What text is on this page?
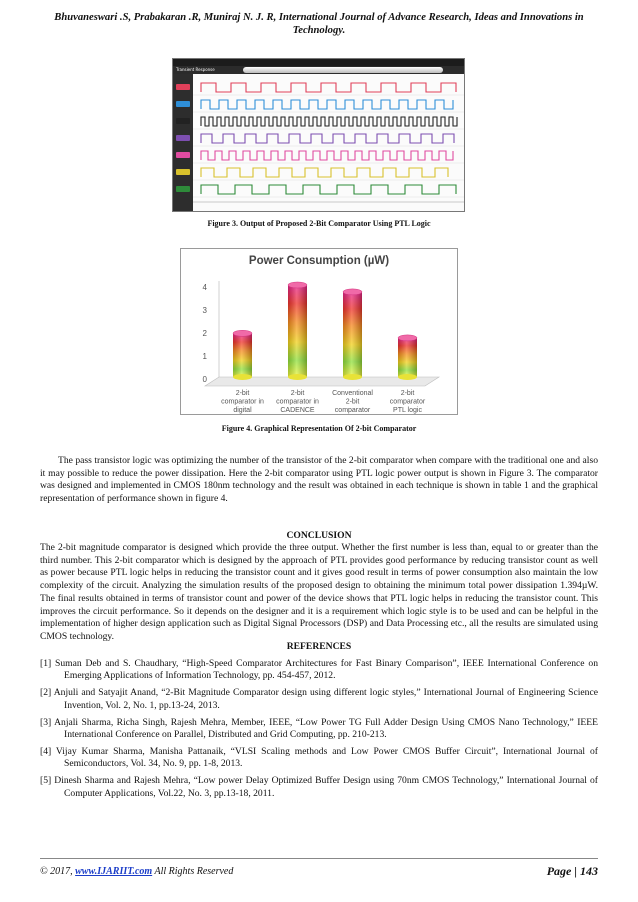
Bhuvaneswari .S, Prabakaran .R, Muniraj N. J. R, International Journal of Advance Research, Ideas and Innovations in Technology.
Transient Response
Figure 3. Output of Proposed 2-Bit Comparator Using PTL Logic
Power Consumption (µW)
0
1
2
3
4
2-bit
comparator in
digital
2-bit
comparator in
CADENCE
Conventional
2-bit
comparator
2-bit
comparator
PTL logic
Figure 4. Graphical Representation Of 2-bit Comparator

The pass transistor logic was optimizing the number of the transistor of the 2-bit comparator when compare with the traditional one and also it may possible to reduce the power dissipation. Here the 2-bit comparator using PTL logic power output is shown in Figure 3. The comparator was designed and implemented in CMOS 180nm technology and the result was obtained in each technique is shown in table 1 and the graphical representation of performance shown in figure 4.

CONCLUSION

The 2-bit magnitude comparator is designed which provide the three output. Whether the first number is less than, equal to or greater than the third number. This 2-bit comparator which is designed by the approach of PTL provides good performance by reducing transistor count as well as power because PTL logic helps in reducing the transistor count and it gives good result in terms of power consumption also maintain the low complexity of the circuit. Analyzing the simulation results of the proposed design to obtaining the minimum total power dissipation 1.394µW. The final results obtained in terms of transistor count and power of the device shows that PTL logic helps in reducing the transistor count. This improves the circuit performance. So it depends on the designer and it is a requirement which logic style is to be used and can be helpful in the implementation of higher design application such as Digital Signal Processors (DSP) and Data Processing etc., all the results are simulated using CMOS technology.

REFERENCES
[1] Suman Deb and S. Chaudhary, “High-Speed Comparator Architectures for Fast Binary Comparison”, IEEE International Conference on Emerging Applications of Information Technology, pp. 454-457, 2012.
[2] Anjuli and Satyajit Anand, “2-Bit Magnitude Comparator design using different logic styles,” International Journal of Engineering Science Invention, Vol. 2, No. 1, pp.13-24, 2013.
[3] Anjali Sharma, Richa Singh, Rajesh Mehra, Member, IEEE, “Low Power TG Full Adder Design Using CMOS Nano Technology,” IEEE International Conference on Parallel, Distributed and Grid Computing, pp. 210-213.
[4] Vijay Kumar Sharma, Manisha Pattanaik, “VLSI Scaling methods and Low Power CMOS Buffer Circuit”, International Journal of Semiconductors, Vol. 34, No. 9, pp. 1-8, 2013.
[5] Dinesh Sharma and Rajesh Mehra, “Low power Delay Optimized Buffer Design using 70nm CMOS Technology,” International Journal of Computer Applications, Vol.22, No. 3, pp.13-18, 2011.
© 2017, www.IJARIIT.com All Rights Reserved	Page | 143
